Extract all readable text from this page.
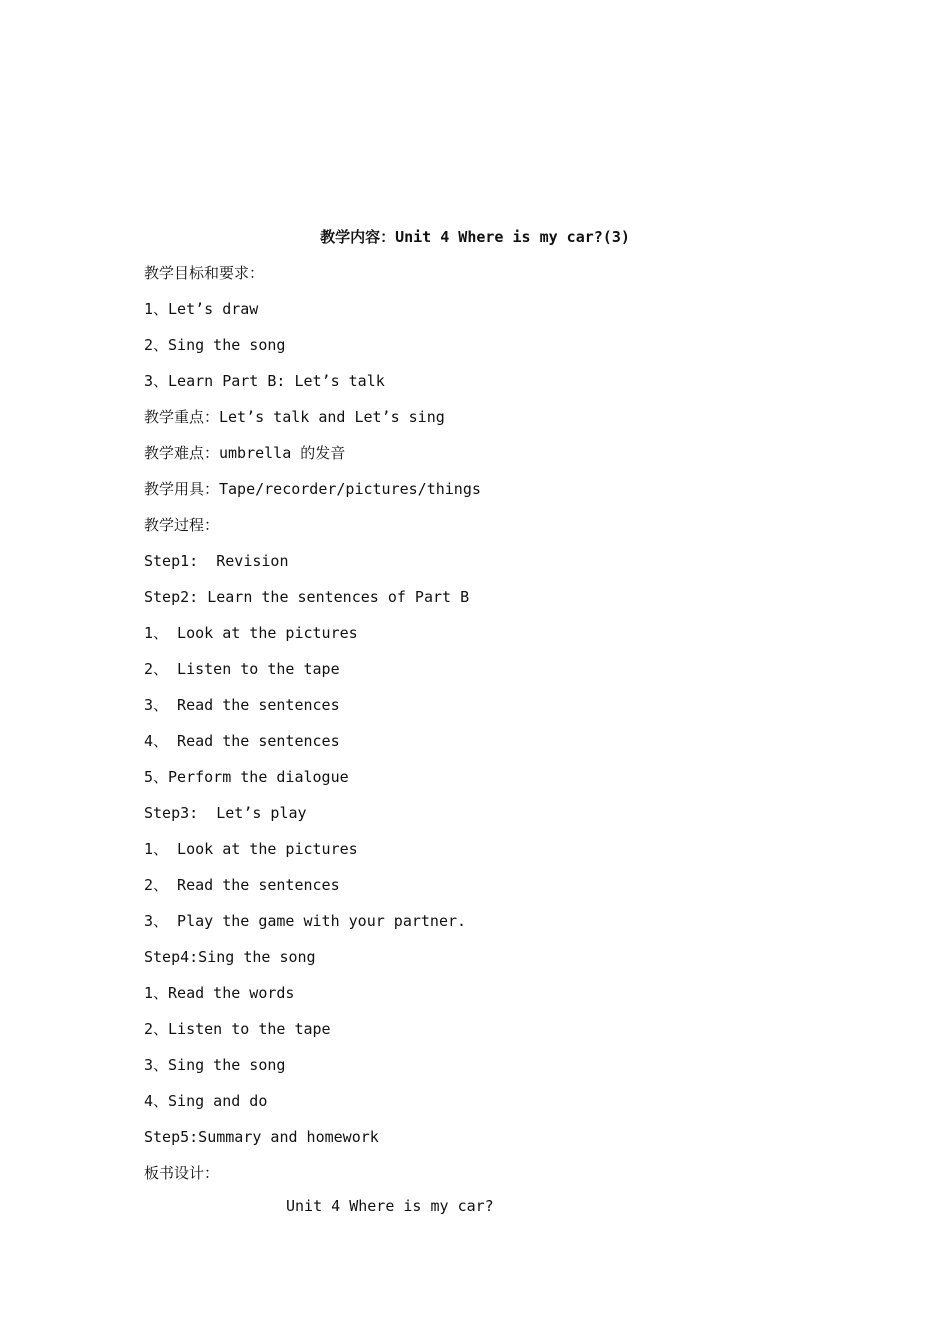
教学内容：Unit 4 Where is my car?(3)
教学目标和要求：
1、Let’s draw
2、Sing the song
3、Learn Part B: Let’s talk
教学重点：Let’s talk and Let’s sing
教学难点：umbrella 的发音
教学用具：Tape/recorder/pictures/things
教学过程：
Step1:  Revision
Step2: Learn the sentences of Part B
1、 Look at the pictures
2、 Listen to the tape
3、 Read the sentences
4、 Read the sentences
5、Perform the dialogue
Step3:  Let’s play
1、 Look at the pictures
2、 Read the sentences
3、 Play the game with your partner.
Step4:Sing the song
1、Read the words
2、Listen to the tape
3、Sing the song
4、Sing and do
Step5:Summary and homework
板书设计：
Unit 4 Where is my car?
